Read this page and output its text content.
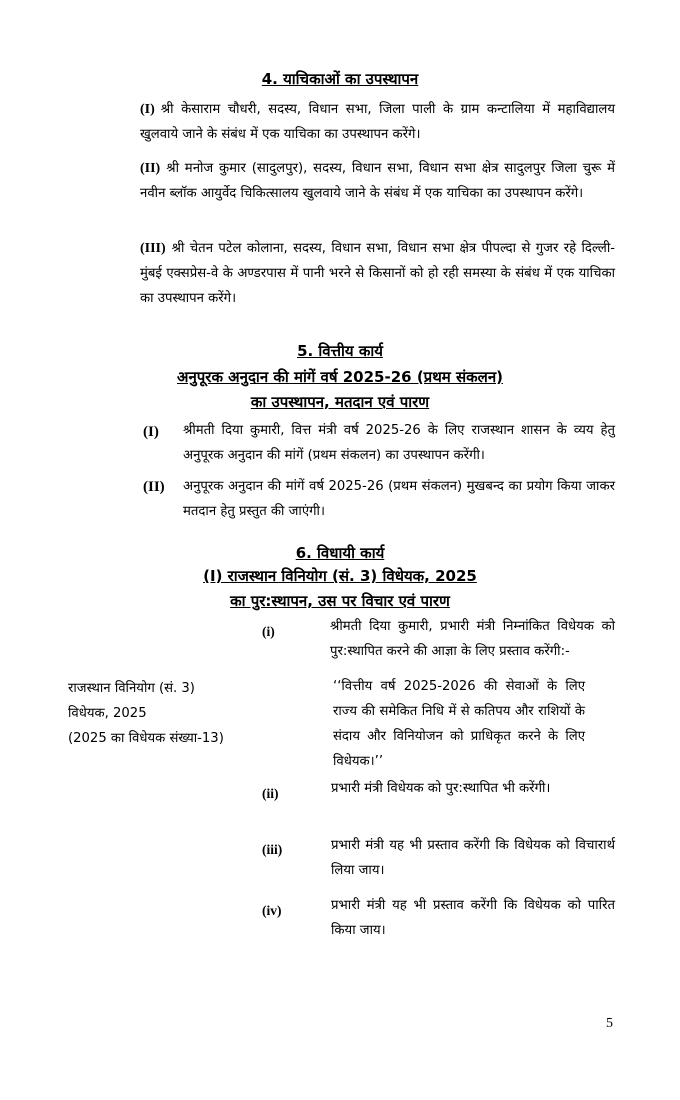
4. याचिकाओं का उपस्थापन
(I) श्री केसाराम चौधरी, सदस्य, विधान सभा, जिला पाली के ग्राम कन्टालिया में महाविद्यालय खुलवाये जाने के संबंध में एक याचिका का उपस्थापन करेंगे।
(II) श्री मनोज कुमार (सादुलपुर), सदस्य, विधान सभा, विधान सभा क्षेत्र सादुलपुर जिला चुरू में नवीन ब्लॉक आयुर्वेद चिकित्सालय खुलवाये जाने के संबंध में एक याचिका का उपस्थापन करेंगे।
(III) श्री चेतन पटेल कोलाना, सदस्य, विधान सभा, विधान सभा क्षेत्र पीपल्दा से गुजर रहे दिल्ली-मुंबई एक्सप्रेस-वे के अण्डरपास में पानी भरने से किसानों को हो रही समस्या के संबंध में एक याचिका का उपस्थापन करेंगे।
5. वित्तीय कार्य
अनुपूरक अनुदान की मांगें वर्ष 2025-26 (प्रथम संकलन)
का उपस्थापन, मतदान एवं पारण
(I) श्रीमती दिया कुमारी, वित्त मंत्री वर्ष 2025-26 के लिए राजस्थान शासन के व्यय हेतु अनुपूरक अनुदान की मांगें (प्रथम संकलन) का उपस्थापन करेंगी।
(II) अनुपूरक अनुदान की मांगें वर्ष 2025-26 (प्रथम संकलन) मुखबन्द का प्रयोग किया जाकर मतदान हेतु प्रस्तुत की जाएंगी।
6. विधायी कार्य
(I) राजस्थान विनियोग (सं. 3) विधेयक, 2025
का पुर:स्थापन, उस पर विचार एवं पारण
(i)	श्रीमती दिया कुमारी, प्रभारी मंत्री निम्नांकित विधेयक को पुर:स्थापित करने की आज्ञा के लिए प्रस्ताव करेंगी:-
राजस्थान विनियोग (सं. 3)
विधेयक, 2025
(2025 का विधेयक संख्या-13)
‘‘वित्तीय वर्ष 2025-2026 की सेवाओं के लिए राज्य की समेकित निधि में से कतिपय और राशियों के संदाय और विनियोजन को प्राधिकृत करने के लिए विधेयक।’’
(ii)	प्रभारी मंत्री विधेयक को पुर:स्थापित भी करेंगी।
(iii)	प्रभारी मंत्री यह भी प्रस्ताव करेंगी कि विधेयक को विचारार्थ लिया जाय।
(iv)	प्रभारी मंत्री यह भी प्रस्ताव करेंगी कि विधेयक को पारित किया जाय।
5
